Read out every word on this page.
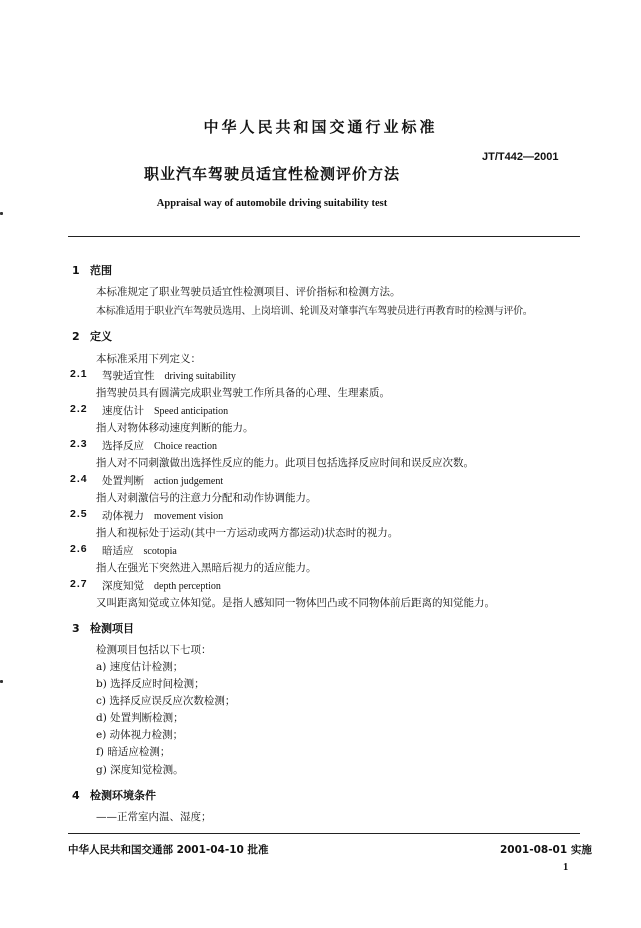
中华人民共和国交通行业标准
JT/T442—2001
职业汽车驾驶员适宜性检测评价方法
Appraisal way of automobile driving suitability test
1 范围
本标准规定了职业驾驶员适宜性检测项目、评价指标和检测方法。
本标准适用于职业汽车驾驶员选用、上岗培训、轮训及对肇事汽车驾驶员进行再教育时的检测与评价。
2 定义
本标准采用下列定义：
2.1 驾驶适宜性 driving suitability
指驾驶员具有圆满完成职业驾驶工作所具备的心理、生理素质。
2.2 速度估计 Speed anticipation
指人对物体移动速度判断的能力。
2.3 选择反应 Choice reaction
指人对不同刺激做出选择性反应的能力。此项目包括选择反应时间和误反应次数。
2.4 处置判断 action judgement
指人对刺激信号的注意力分配和动作协调能力。
2.5 动体视力 movement vision
指人和视标处于运动(其中一方运动或两方都运动)状态时的视力。
2.6 暗适应 scotopia
指人在强光下突然进入黑暗后视力的适应能力。
2.7 深度知觉 depth perception
又叫距离知觉或立体知觉。是指人感知同一物体凹凸或不同物体前后距离的知觉能力。
3 检测项目
检测项目包括以下七项：
a) 速度估计检测；
b) 选择反应时间检测；
c) 选择反应误反应次数检测；
d) 处置判断检测；
e) 动体视力检测；
f) 暗适应检测；
g) 深度知觉检测。
4 检测环境条件
——正常室内温、湿度；
中华人民共和国交通部 2001-04-10 批准	2001-08-01 实施
1
